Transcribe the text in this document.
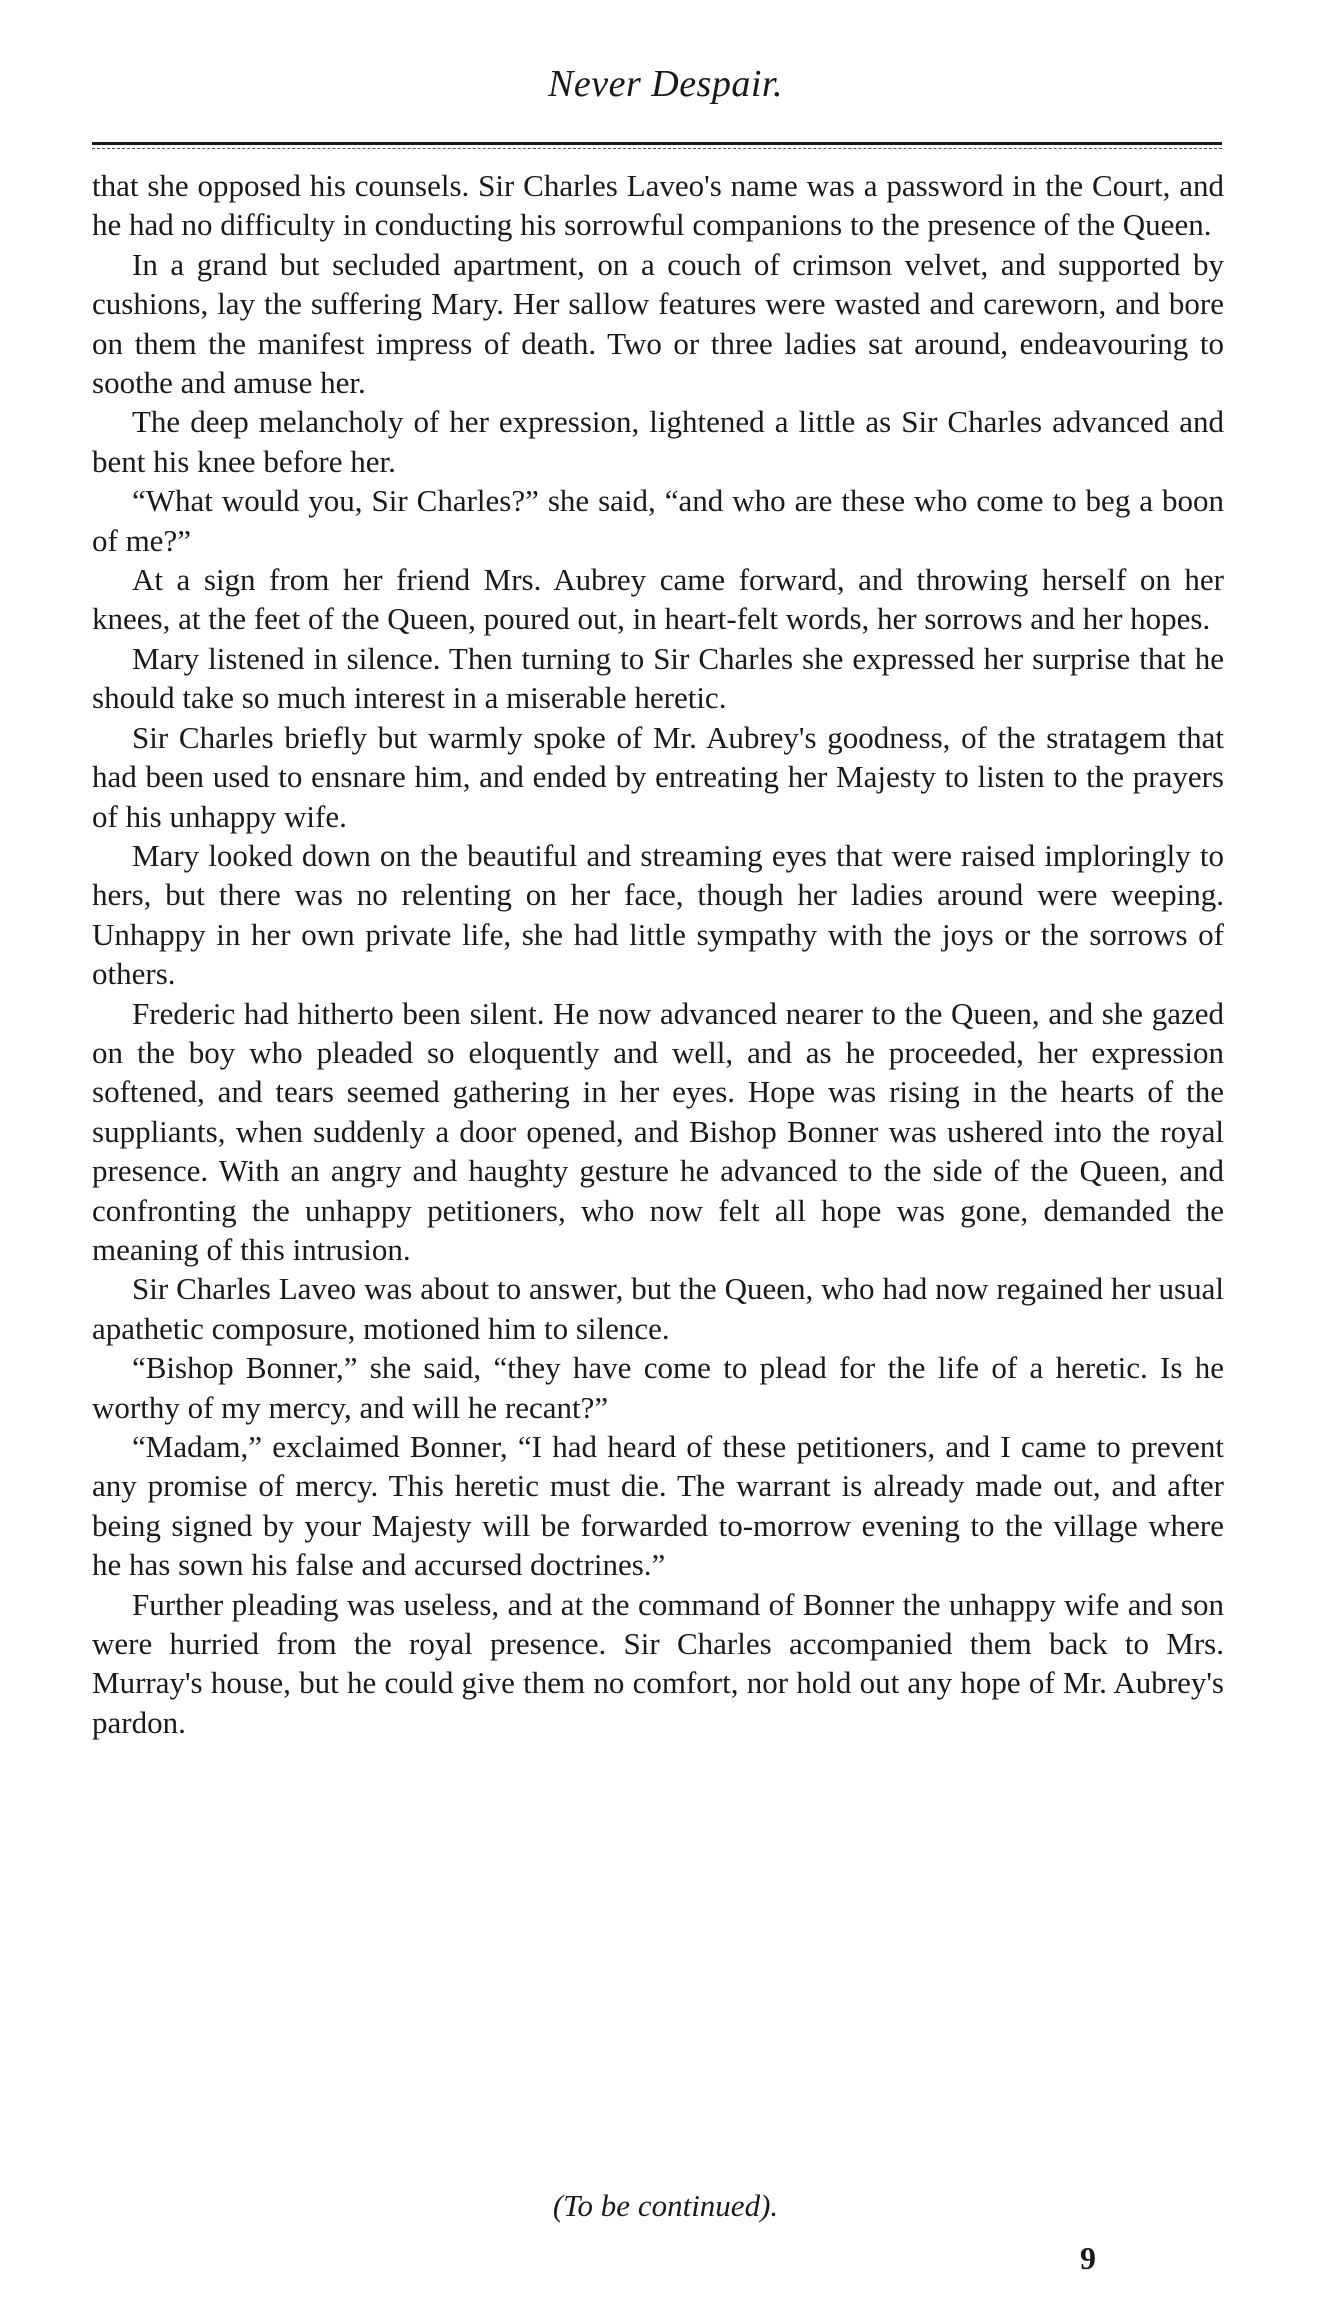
Never Despair.

that she opposed his counsels. Sir Charles Laveo's name was a password in the Court, and he had no difficulty in conducting his sorrowful companions to the presence of the Queen.

In a grand but secluded apartment, on a couch of crimson velvet, and supported by cushions, lay the suffering Mary. Her sallow features were wasted and careworn, and bore on them the manifest impress of death. Two or three ladies sat around, endeavouring to soothe and amuse her.

The deep melancholy of her expression, lightened a little as Sir Charles advanced and bent his knee before her.

“What would you, Sir Charles?” she said, “and who are these who come to beg a boon of me?”

At a sign from her friend Mrs. Aubrey came forward, and throwing herself on her knees, at the feet of the Queen, poured out, in heart-felt words, her sorrows and her hopes.

Mary listened in silence. Then turning to Sir Charles she expressed her surprise that he should take so much interest in a miserable heretic.

Sir Charles briefly but warmly spoke of Mr. Aubrey's goodness, of the stratagem that had been used to ensnare him, and ended by entreating her Majesty to listen to the prayers of his unhappy wife.

Mary looked down on the beautiful and streaming eyes that were raised imploringly to hers, but there was no relenting on her face, though her ladies around were weeping. Unhappy in her own private life, she had little sympathy with the joys or the sorrows of others.

Frederic had hitherto been silent. He now advanced nearer to the Queen, and she gazed on the boy who pleaded so eloquently and well, and as he proceeded, her expression softened, and tears seemed gathering in her eyes. Hope was rising in the hearts of the suppliants, when suddenly a door opened, and Bishop Bonner was ushered into the royal presence. With an angry and haughty gesture he advanced to the side of the Queen, and confronting the unhappy petitioners, who now felt all hope was gone, demanded the meaning of this intrusion.

Sir Charles Laveo was about to answer, but the Queen, who had now regained her usual apathetic composure, motioned him to silence.

“Bishop Bonner,” she said, “they have come to plead for the life of a heretic. Is he worthy of my mercy, and will he recant?”

“Madam,” exclaimed Bonner, “I had heard of these petitioners, and I came to prevent any promise of mercy. This heretic must die. The warrant is already made out, and after being signed by your Majesty will be forwarded to-morrow evening to the village where he has sown his false and accursed doctrines.”

Further pleading was useless, and at the command of Bonner the unhappy wife and son were hurried from the royal presence. Sir Charles accompanied them back to Mrs. Murray's house, but he could give them no comfort, nor hold out any hope of Mr. Aubrey's pardon.

(To be continued).
9
